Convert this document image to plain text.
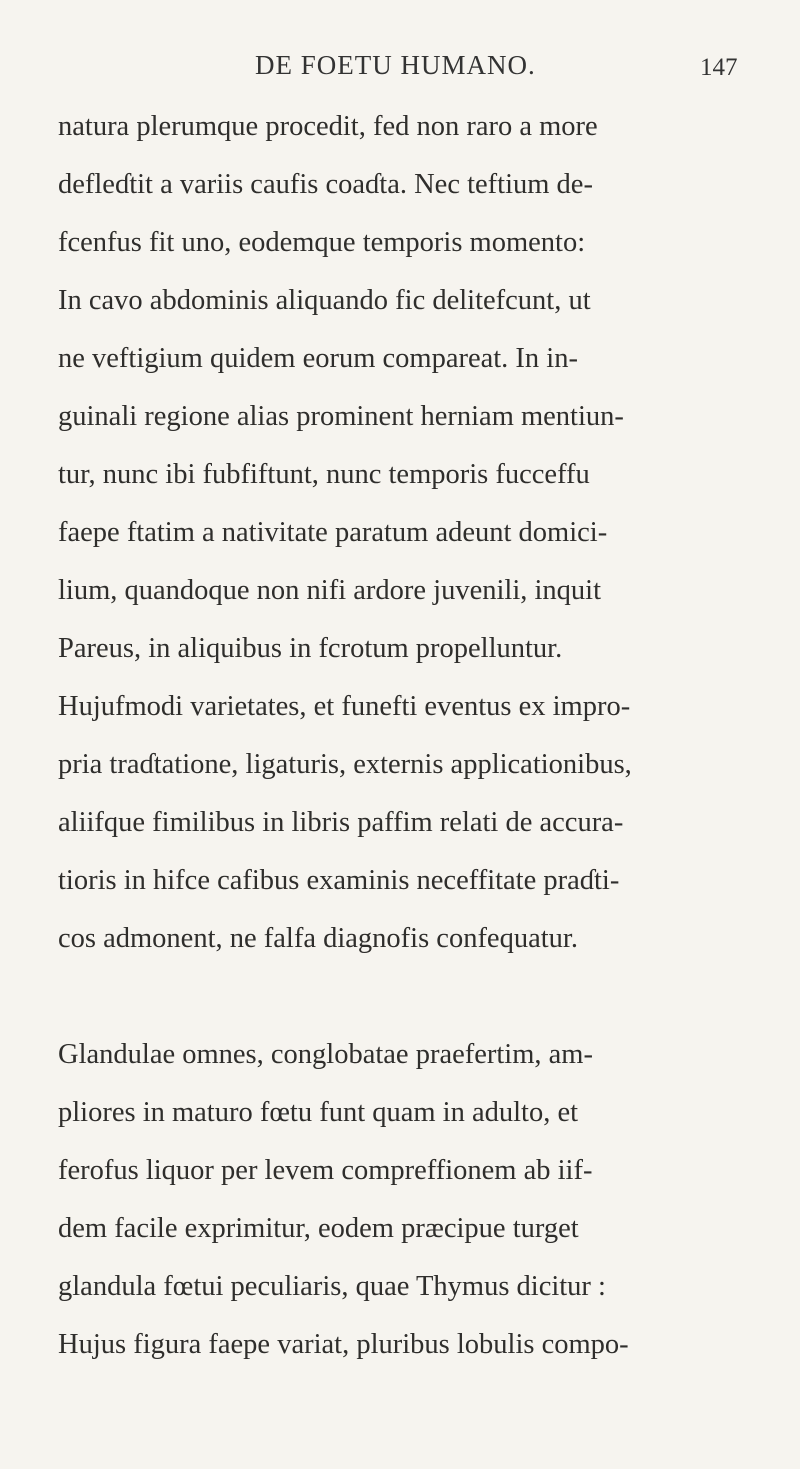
DE FOETU HUMANO.	147
natura plerumque procedit, fed non raro a more
defleɗtit a variis caufis coaɗta. Nec teftium de-
fcenfus fit uno, eodemque temporis momento:
In cavo abdominis aliquando fic delitefcunt, ut
ne veftigium quidem eorum compareat. In in-
guinali regione alias prominent herniam mentiun-
tur, nunc ibi fubfiftunt, nunc temporis fucceffu
faepe ftatim a nativitate paratum adeunt domici-
lium, quandoque non nifi ardore juvenili, inquit
Pareus, in aliquibus in fcrotum propelluntur.
Hujufmodi varietates, et funefti eventus ex impro-
pria traɗtatione, ligaturis, externis applicationibus,
aliifque fimilibus in libris paffim relati de accura-
tioris in hifce cafibus examinis neceffitate praɗti-
cos admonent, ne falfa diagnofis confequatur.
Glandulae omnes, conglobatae praefertim, am-
pliores in maturo fœtu funt quam in adulto, et
ferofus liquor per levem compreffionem ab iif-
dem facile exprimitur, eodem præcipue turget
glandula fœtui peculiaris, quae Thymus dicitur :
Hujus figura faepe variat, pluribus lobulis compo-
